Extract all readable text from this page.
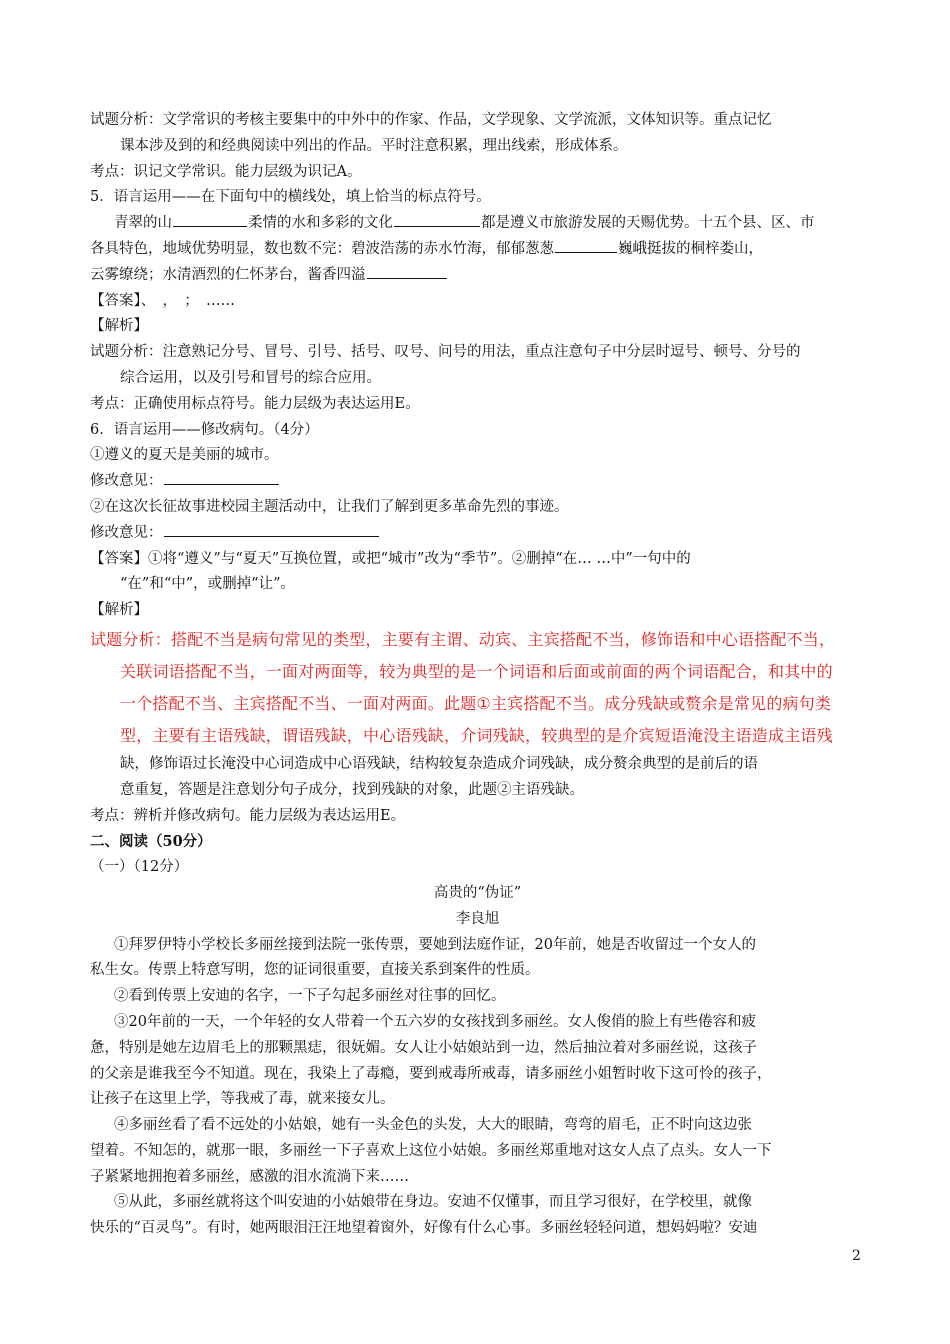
试题分析：文学常识的考核主要集中的中外中的作家、作品，文学现象、文学流派，文体知识等。重点记忆
课本涉及到的和经典阅读中列出的作品。平时注意积累，理出线索，形成体系。
考点：识记文学常识。能力层级为识记A。
5．语言运用——在下面句中的横线处，填上恰当的标点符号。
青翠的山	柔情的水和多彩的文化	都是遵义市旅游发展的天赐优势。十五个县、区、市
各具特色，地域优势明显，数也数不完：碧波浩荡的赤水竹海，郁郁葱葱	巍峨挺拔的桐梓娄山，
云雾缭绕；水清酒烈的仁怀茅台，酱香四溢
【答案】、　，　；　……
【解析】
试题分析：注意熟记分号、冒号、引号、括号、叹号、问号的用法，重点注意句子中分层时逗号、顿号、分号的
综合运用，以及引号和冒号的综合应用。
考点：正确使用标点符号。能力层级为表达运用E。
6．语言运用——修改病句。（4分）
①遵义的夏天是美丽的城市。
修改意见：
②在这次长征故事进校园主题活动中，让我们了解到更多革命先烈的事迹。
修改意见：
【答案】①将“遵义”与“夏天”互换位置，或把“城市”改为“季节”。②删掉“在… …中”一句中的
“在”和“中”，或删掉“让”。
【解析】
试题分析：搭配不当是病句常见的类型，主要有主谓、动宾、主宾搭配不当，修饰语和中心语搭配不当，
关联词语搭配不当，一面对两面等，较为典型的是一个词语和后面或前面的两个词语配合，和其中的
一个搭配不当、主宾搭配不当、一面对两面。此题①主宾搭配不当。成分残缺或赘余是常见的病句类
型，主要有主语残缺，谓语残缺，中心语残缺，介词残缺，较典型的是介宾短语淹没主语造成主语残
缺，修饰语过长淹没中心词造成中心语残缺，结构较复杂造成介词残缺，成分赘余典型的是前后的语
意重复，答题是注意划分句子成分，找到残缺的对象，此题②主语残缺。
考点：辨析并修改病句。能力层级为表达运用E。
二、阅读（50分）
（一）（12分）
高贵的“伪证”
李良旭
①拜罗伊特小学校长多丽丝接到法院一张传票，要她到法庭作证，20年前，她是否收留过一个女人的
私生女。传票上特意写明，您的证词很重要，直接关系到案件的性质。
②看到传票上安迪的名字，一下子勾起多丽丝对往事的回忆。
③20年前的一天，一个年轻的女人带着一个五六岁的女孩找到多丽丝。女人俊俏的脸上有些倦容和疲
惫，特别是她左边眉毛上的那颗黑痣，很妩媚。女人让小姑娘站到一边，然后抽泣着对多丽丝说，这孩子
的父亲是谁我至今不知道。现在，我染上了毒瘾，要到戒毒所戒毒，请多丽丝小姐暂时收下这可怜的孩子，
让孩子在这里上学，等我戒了毒，就来接女儿。
④多丽丝看了看不远处的小姑娘，她有一头金色的头发，大大的眼睛，弯弯的眉毛，正不时向这边张
望着。不知怎的，就那一眼，多丽丝一下子喜欢上这位小姑娘。多丽丝郑重地对这女人点了点头。女人一下
子紧紧地拥抱着多丽丝，感激的泪水流淌下来……
⑤从此，多丽丝就将这个叫安迪的小姑娘带在身边。安迪不仅懂事，而且学习很好，在学校里，就像
快乐的“百灵鸟”。有时，她两眼泪汪汪地望着窗外，好像有什么心事。多丽丝轻轻问道，想妈妈啦？安迪
2
